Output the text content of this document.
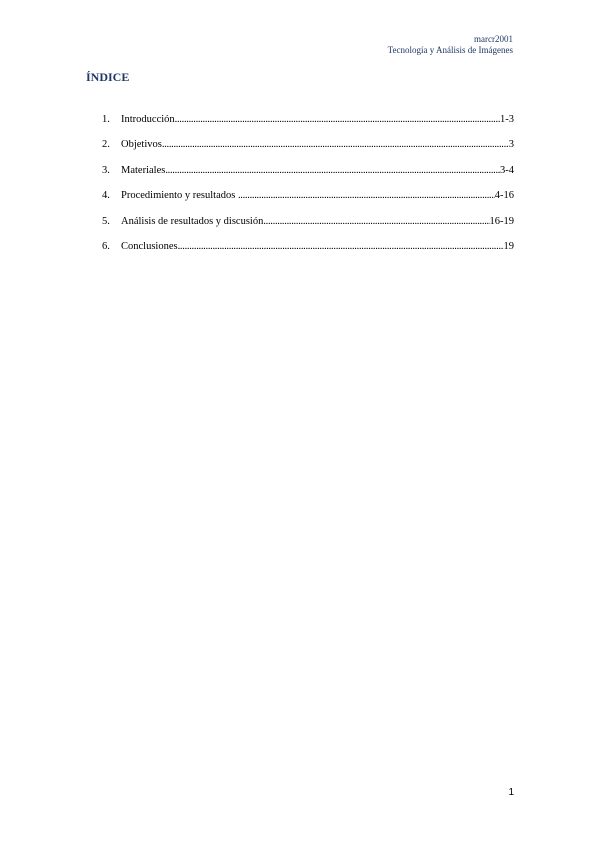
marcr2001
Tecnología y Análisis de Imágenes
ÍNDICE
1.	Introducción .....	1-3
2.	Objetivos .....	3
3.	Materiales .....	3-4
4.	Procedimiento y resultados .....	4-16
5.	Análisis de resultados y discusión .....	16-19
6.	Conclusiones .....	19
1
